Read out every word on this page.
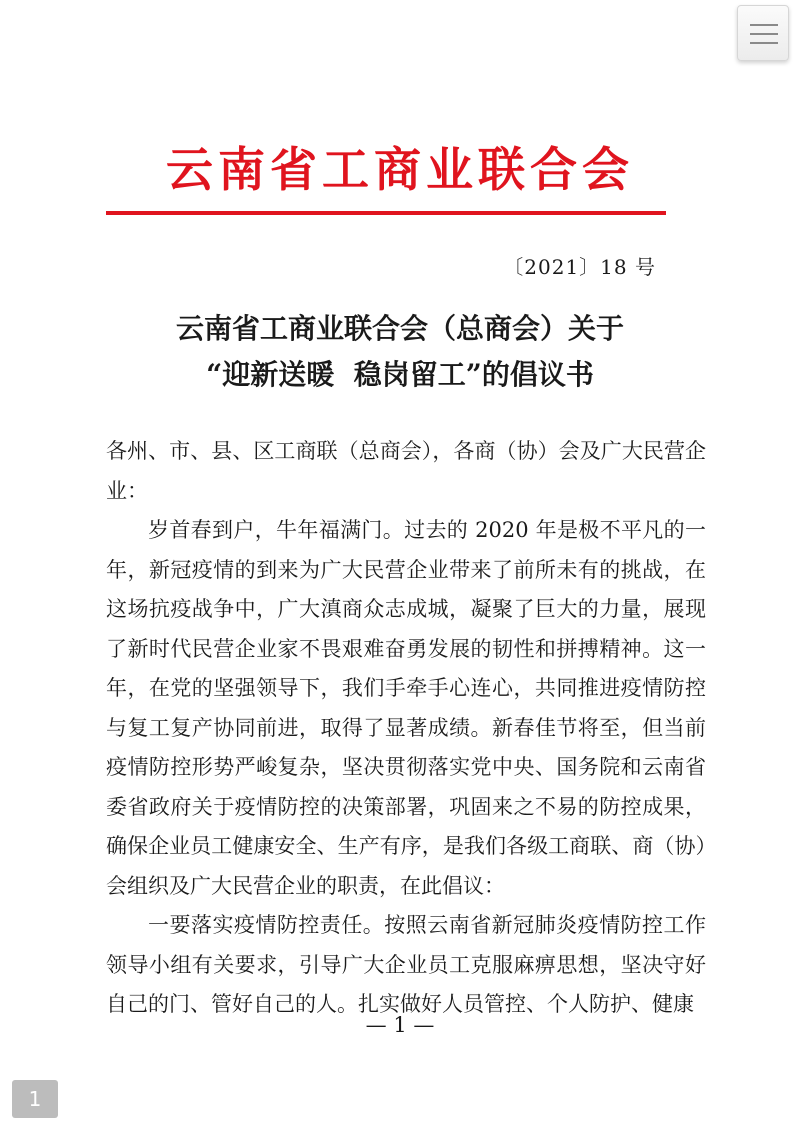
云南省工商业联合会
〔2021〕18 号
云南省工商业联合会（总商会）关于
“迎新送暖  稳岗留工”的倡议书

各州、市、县、区工商联（总商会），各商（协）会及广大民营企业：

岁首春到户，牛年福满门。过去的 2020 年是极不平凡的一年，新冠疫情的到来为广大民营企业带来了前所未有的挑战，在这场抗疫战争中，广大滇商众志成城，凝聚了巨大的力量，展现了新时代民营企业家不畏艰难奋勇发展的韧性和拼搏精神。这一年，在党的坚强领导下，我们手牵手心连心，共同推进疫情防控与复工复产协同前进，取得了显著成绩。新春佳节将至，但当前疫情防控形势严峻复杂，坚决贯彻落实党中央、国务院和云南省委省政府关于疫情防控的决策部署，巩固来之不易的防控成果，确保企业员工健康安全、生产有序，是我们各级工商联、商（协）会组织及广大民营企业的职责，在此倡议：

一要落实疫情防控责任。按照云南省新冠肺炎疫情防控工作领导小组有关要求，引导广大企业员工克服麻痹思想，坚决守好自己的门、管好自己的人。扎实做好人员管控、个人防护、健康

— 1 —
1
